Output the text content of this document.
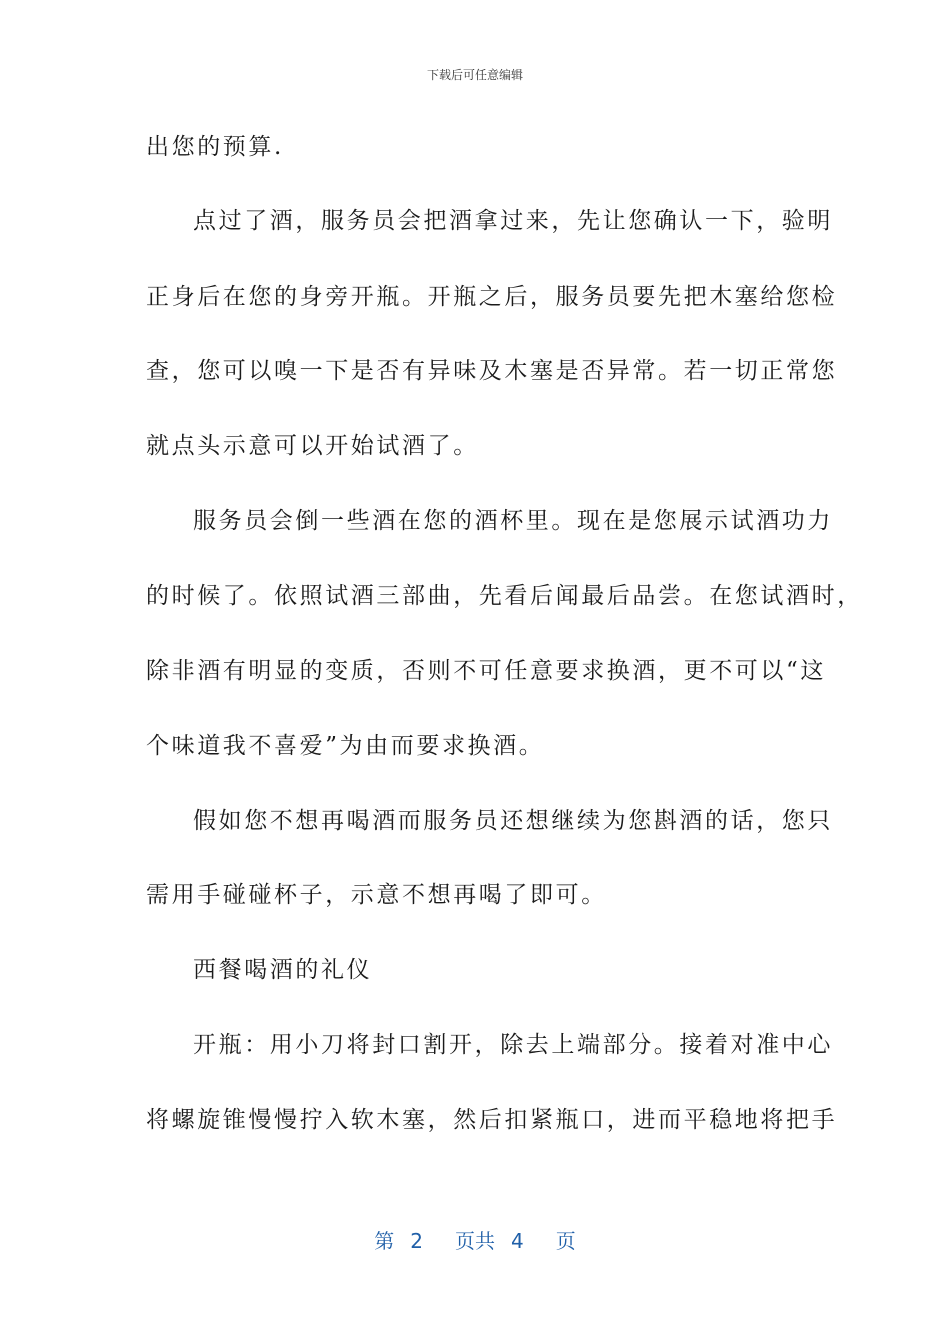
下载后可任意编辑
出您的预算.
点过了酒，服务员会把酒拿过来，先让您确认一下，验明
正身后在您的身旁开瓶。开瓶之后，服务员要先把木塞给您检
查，您可以嗅一下是否有异味及木塞是否异常。若一切正常您
就点头示意可以开始试酒了。
服务员会倒一些酒在您的酒杯里。现在是您展示试酒功力
的时候了。依照试酒三部曲，先看后闻最后品尝。在您试酒时，
除非酒有明显的变质，否则不可任意要求换酒，更不可以“这
个味道我不喜爱”为由而要求换酒。
假如您不想再喝酒而服务员还想继续为您斟酒的话，您只
需用手碰碰杯子，示意不想再喝了即可。
西餐喝酒的礼仪
开瓶：用小刀将封口割开，除去上端部分。接着对准中心
将螺旋锥慢慢拧入软木塞，然后扣紧瓶口，进而平稳地将把手
第 2 页共 4 页
